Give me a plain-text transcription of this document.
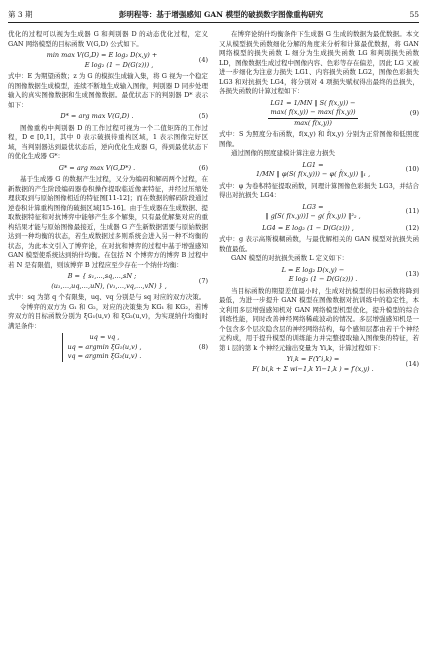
第 3 期	彭明程等：基于增强感知 GAN 模型的破损数字图像重构研究	55

优化的过程可以视为生成器 G 和判别器 D 的动态优化过程，定义 GAN 网络模型的目标函数 V(G,D) 公式如下。

min max V(G,D) = E log₂ D(x,y) +
E log₂ (1 − D(G(z))) ,
(4)

式中：E 为期望函数；z 为 G 的模拟生成输入集，将 G 视为一个稳定的图像数据生成模型，连续不断地生成输入图像，判别器 D 同步处理输入的真实图像数据和生成图像数据。最优状态下的判别器 D* 表示如下：

D* = arg max V(G,D) .	(5)

图像重构中判别器 D 的工作过程可视为一个二值矩阵的工作过程，D ∈ [0,1]，其中 0 表示破损待重构区域，1 表示图像完好区域，当判别器达到最优状态后，逆向优化生成器 G，得到最优状态下的优化生成器 G*：

G* = arg max V(G,D*) .	(6)

基于生成器 G 的数据产生过程，又分为编码和解码两个过程，在新数据的产生阶段编码器卷积操作提取临近像素特征，并经过压缩处理获取到与原始图像相近的特征图[11-12]；而在数据的解码阶段通过逆卷积计算重构图像的破损区域[15-16]。由于生成器在生成数据、提取数据特征和对抗博弈中能够产生多个解集，只有最优解集对应的重构结果才能与原始图像最接近，生成器 G 产生新数据需要与原始数据达到一种均衡的状态，若生成数据过多则系统会进入另一种不均衡的状态，为此本文引入了博弈论，在对抗和博弈的过程中基于增强感知 GAN 模型使系统达到纳什均衡。在包括 N 个博弈方的博弈 B 过程中若 N 是有限值，则该博弈 B 过程应至少存在一个纳什均衡：

B = { s₁,…,sq,…,sN ;
(u₁,…,uq,…,uN), (v₁,…,vq,…,vN) } ,
(7)

式中：sq 为第 q 个有限集，uq、vq 分别是与 sq 对应的双方决策。

令博弈的双方为 G₁ 和 G₂，对应的决策集为 KG₁ 和 KG₂，若博弈双方的目标函数分别为 ξG₁(u,v) 和 ξG₂(u,v)，为实现纳什均衡时满足条件：

uq = vq ,
uq = argmin ξG₁(u,v) ,
vq = argmin ξG₂(u,v) .
(8)

在博弈论纳什均衡条件下生成器 G 生成的数据为最优数据。本文又从模型损失函数细化分解的角度来分析和计算最优数据，将 GAN 网络模型的损失函数 L 细分为生成损失函数 LG 和判别损失函数 LD，图像数据生成过程中图像内容、色彩等存在偏差，因此 LG 又被进一步细化为注意力损失 LG1、内容损失函数 LG2，图像色彩损失 LG3 和对抗损失 LG4，将分别对 4 项损失赋权得出最终的总损失，各损失函数的计算过程如下：

LG1 = 1/MN ‖ S( f(x,y)) −
$\frac{\max( f(x,y)) - \max( f̂(x,y))}{\max( f̂(x,y))}$	(9)

式中：S 为照度分布函数，f(x,y) 和 f̂(x,y) 分别为正常图像和低照度图像。

通过图像的照度建模计算注意力损失

LG1 =
1/MN ‖ φ(S( f(x,y))) − φ( f̂(x,y)) ‖₁ ,
(10)

式中：φ 为卷积特征提取函数，同理计算图像色彩损失 LG3，并结合得出对抗损失 LG4：

LG3 =
‖ g[S( f(x,y))] − g( f̂(x,y)) ‖²₂ ,
(11)
LG4 = E log₂ (1 − D(G(z))) ,	(12)

式中：g 表示高斯模糊函数，与最优解相关的 GAN 模型对抗损失函数值最低。

GAN 模型的对抗损失函数 L 定义如下：

L = E log₂ D(x,y) −
E log₂ (1 − D(G(z))) .
(13)

当目标函数的期望差值最小时，生成对抗模型的目标函数将降到最低，为进一步提升 GAN 模型在图像数据对抗训练中的稳定性，本文利用多层增强感知机对 GAN 网络模型机型优化，提升模型的综合训练性能，同时改善神经网络稀疏波动的情况。多层增强感知机是一个包含多个层次隐含层的神经网络结构，每个感知层都由若干个神经元构成，用于提升模型的训练能力并完整提取输入图像集的特征，若第 i 层的第 k 个神经元输出变量为 Yi,k，计算过程如下：

Yi,k = F(Y′i,k) =
F( bi,k + Σ wi−1,k Yi−1,k ) = f′(x,y) .
(14)
